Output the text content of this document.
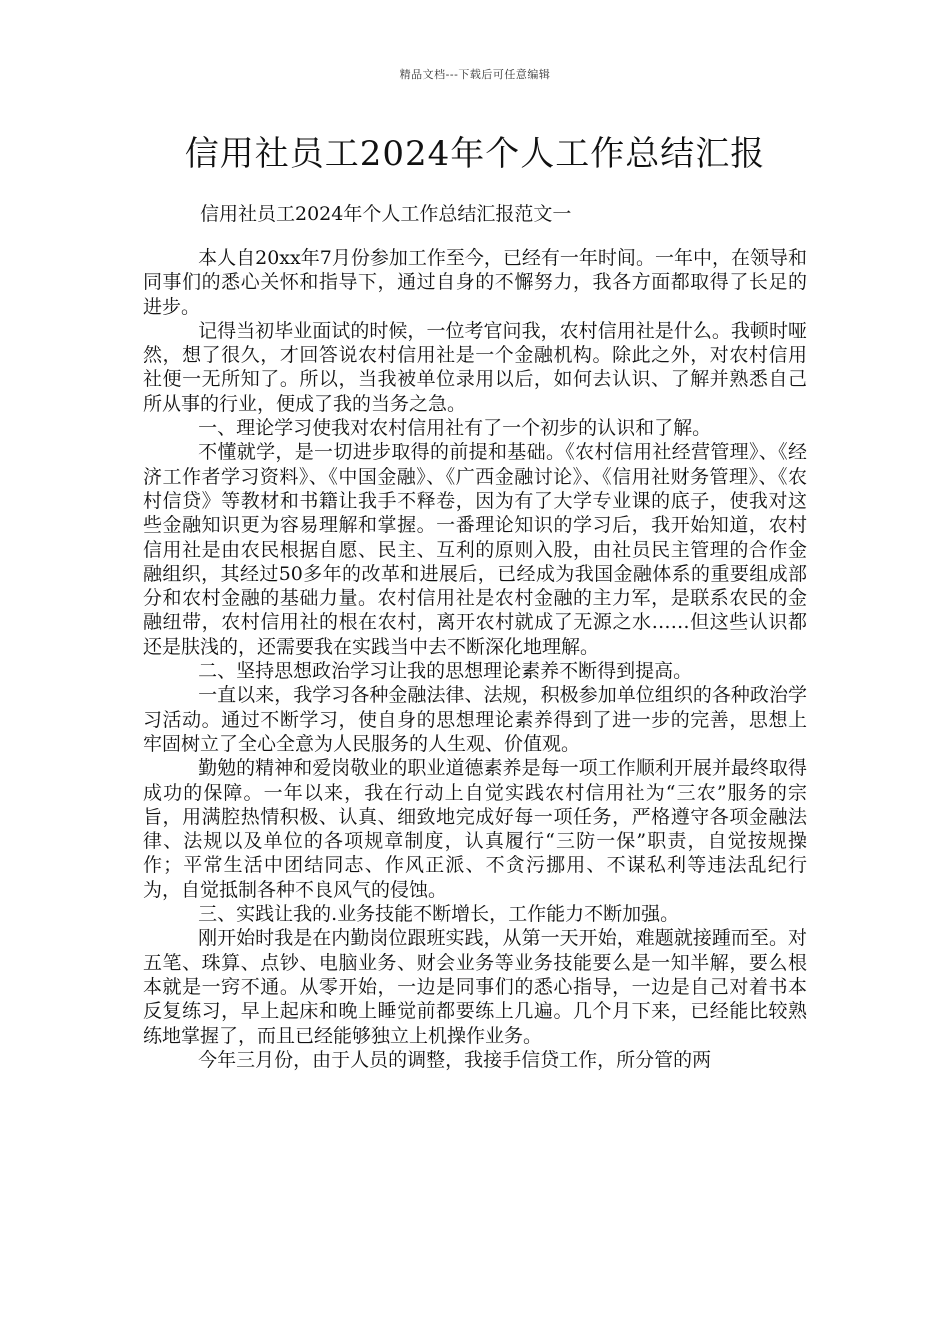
精品文档---下载后可任意编辑
信用社员工2024年个人工作总结汇报

信用社员工2024年个人工作总结汇报范文一

本人自20xx年7月份参加工作至今，已经有一年时间。一年中，在领导和同事们的悉心关怀和指导下，通过自身的不懈努力，我各方面都取得了长足的进步。

记得当初毕业面试的时候，一位考官问我，农村信用社是什么。我顿时哑然，想了很久，才回答说农村信用社是一个金融机构。除此之外，对农村信用社便一无所知了。所以，当我被单位录用以后，如何去认识、了解并熟悉自己所从事的行业，便成了我的当务之急。

一、理论学习使我对农村信用社有了一个初步的认识和了解。

不懂就学，是一切进步取得的前提和基础。《农村信用社经营管理》、《经济工作者学习资料》、《中国金融》、《广西金融讨论》、《信用社财务管理》、《农村信贷》等教材和书籍让我手不释卷，因为有了大学专业课的底子，使我对这些金融知识更为容易理解和掌握。一番理论知识的学习后，我开始知道，农村信用社是由农民根据自愿、民主、互利的原则入股，由社员民主管理的合作金融组织，其经过50多年的改革和进展后，已经成为我国金融体系的重要组成部分和农村金融的基础力量。农村信用社是农村金融的主力军，是联系农民的金融纽带，农村信用社的根在农村，离开农村就成了无源之水……但这些认识都还是肤浅的，还需要我在实践当中去不断深化地理解。

二、坚持思想政治学习让我的思想理论素养不断得到提高。

一直以来，我学习各种金融法律、法规，积极参加单位组织的各种政治学习活动。通过不断学习，使自身的思想理论素养得到了进一步的完善，思想上牢固树立了全心全意为人民服务的人生观、价值观。

勤勉的精神和爱岗敬业的职业道德素养是每一项工作顺利开展并最终取得成功的保障。一年以来，我在行动上自觉实践农村信用社为“三农”服务的宗旨，用满腔热情积极、认真、细致地完成好每一项任务，严格遵守各项金融法律、法规以及单位的各项规章制度，认真履行“三防一保”职责，自觉按规操作；平常生活中团结同志、作风正派、不贪污挪用、不谋私利等违法乱纪行为，自觉抵制各种不良风气的侵蚀。

三、实践让我的.业务技能不断增长，工作能力不断加强。

刚开始时我是在内勤岗位跟班实践，从第一天开始，难题就接踵而至。对五笔、珠算、点钞、电脑业务、财会业务等业务技能要么是一知半解，要么根本就是一窍不通。从零开始，一边是同事们的悉心指导，一边是自己对着书本反复练习，早上起床和晚上睡觉前都要练上几遍。几个月下来，已经能比较熟练地掌握了，而且已经能够独立上机操作业务。

今年三月份，由于人员的调整，我接手信贷工作，所分管的两
